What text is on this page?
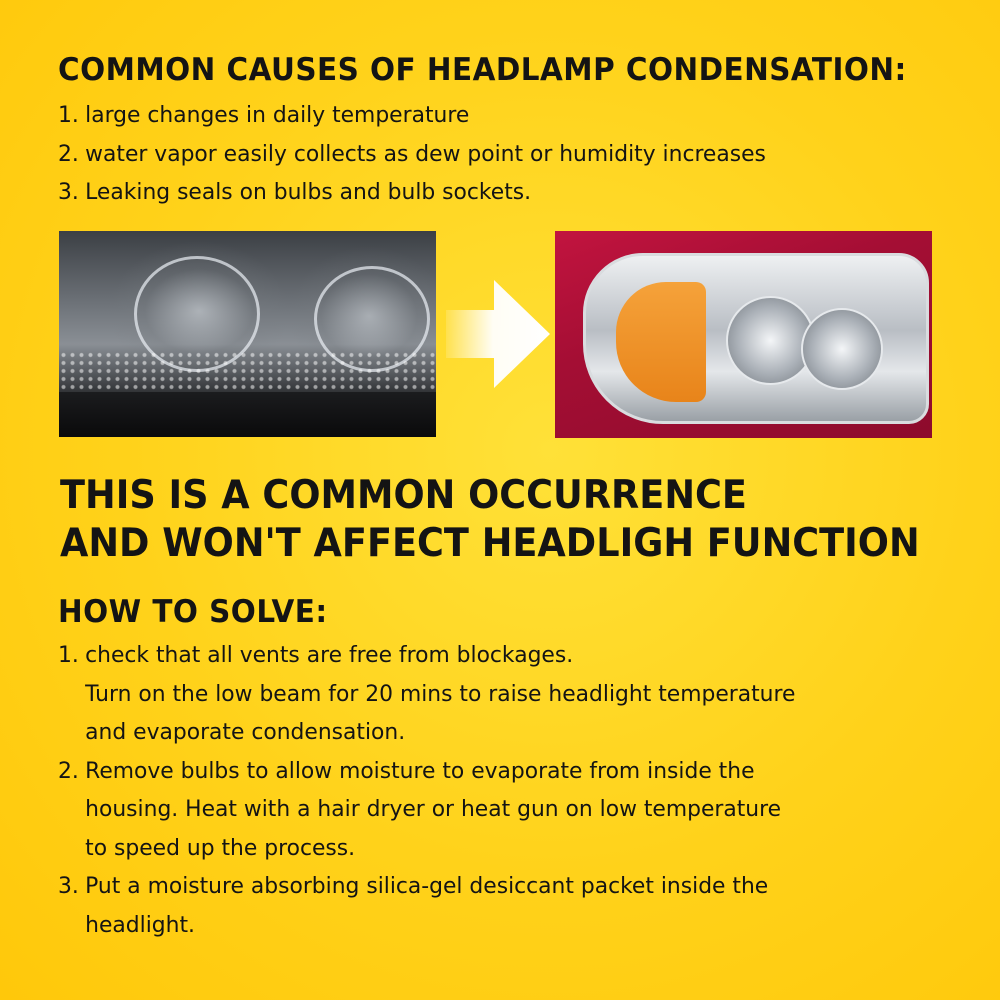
COMMON CAUSES OF HEADLAMP CONDENSATION:
1. large changes in daily temperature
2. water vapor easily collects as dew point or humidity increases
3. Leaking seals on bulbs and bulb sockets.
THIS IS A COMMON OCCURRENCE
AND WON'T AFFECT HEADLIGH FUNCTION
HOW TO SOLVE:
1. check that all vents are free from blockages.
Turn on the low beam for 20 mins to raise headlight temperature
and evaporate condensation.
2. Remove bulbs to allow moisture to evaporate from inside the
housing. Heat with a hair dryer or heat gun on low temperature
to speed up the process.
3. Put a moisture absorbing silica-gel desiccant packet inside the
headlight.
